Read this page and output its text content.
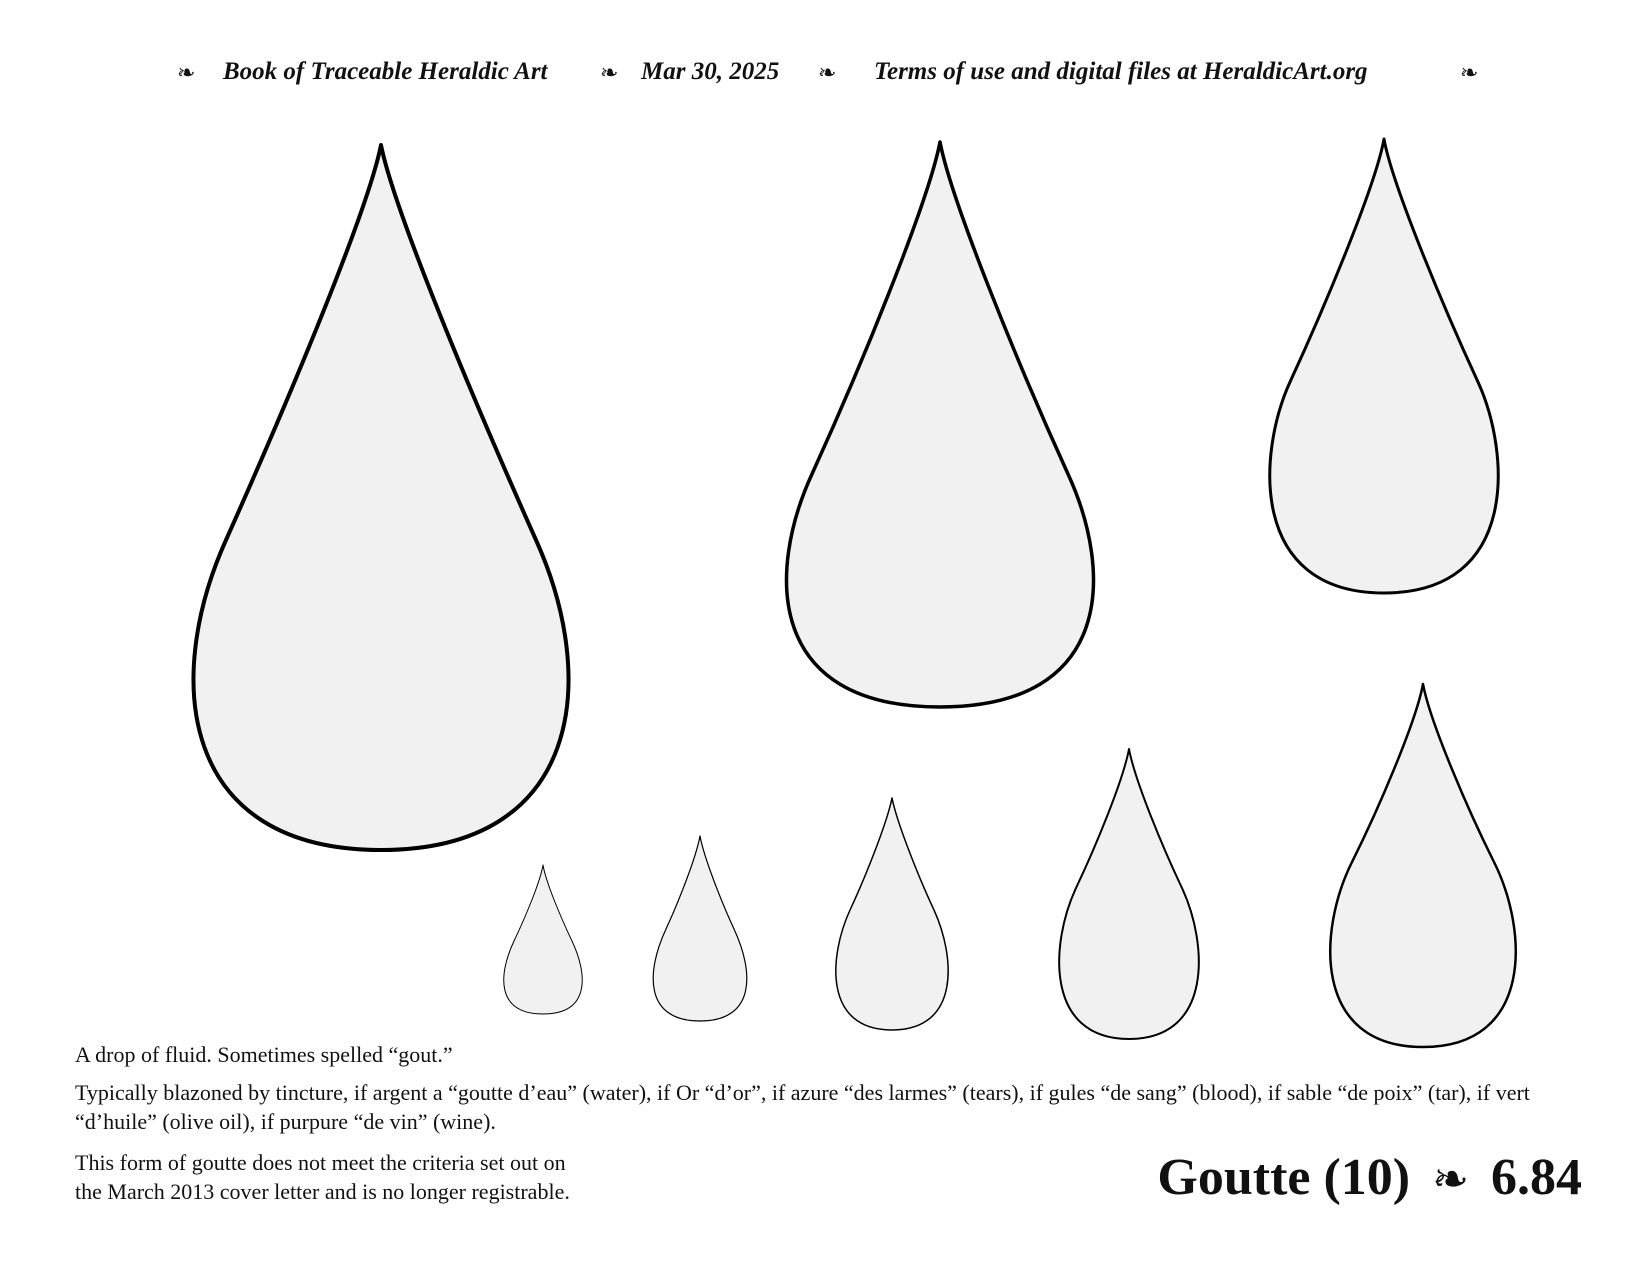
❧ Book of Traceable Heraldic Art ❧ Mar 30, 2025 ❧ Terms of use and digital files at HeraldicArt.org	❧
A drop of fluid. Sometimes spelled “gout.”
Typically blazoned by tincture, if argent a “goutte d’eau” (water), if Or “d’or”, if azure “des larmes” (tears), if gules “de sang” (blood), if sable “de poix” (tar), if vert “d’huile” (olive oil), if purpure “de vin” (wine).
This form of goutte does not meet the criteria set out on
the March 2013 cover letter and is no longer registrable.	Goutte (10) ❧ 6.84
